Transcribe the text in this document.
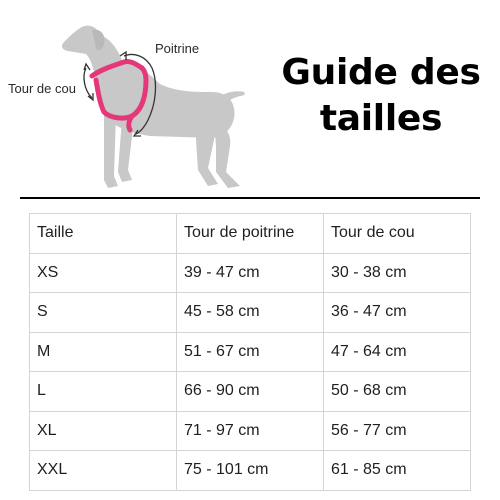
Poitrine
Tour de cou	Guide des tailles
Taille	Tour de poitrine	Tour de cou
XS	39 - 47 cm	30 - 38 cm
S	45 - 58 cm	36 - 47 cm
M	51 - 67 cm	47 - 64 cm
L	66 - 90 cm	50 - 68 cm
XL	71 - 97 cm	56 - 77 cm
XXL	75 - 101 cm	61 - 85 cm
